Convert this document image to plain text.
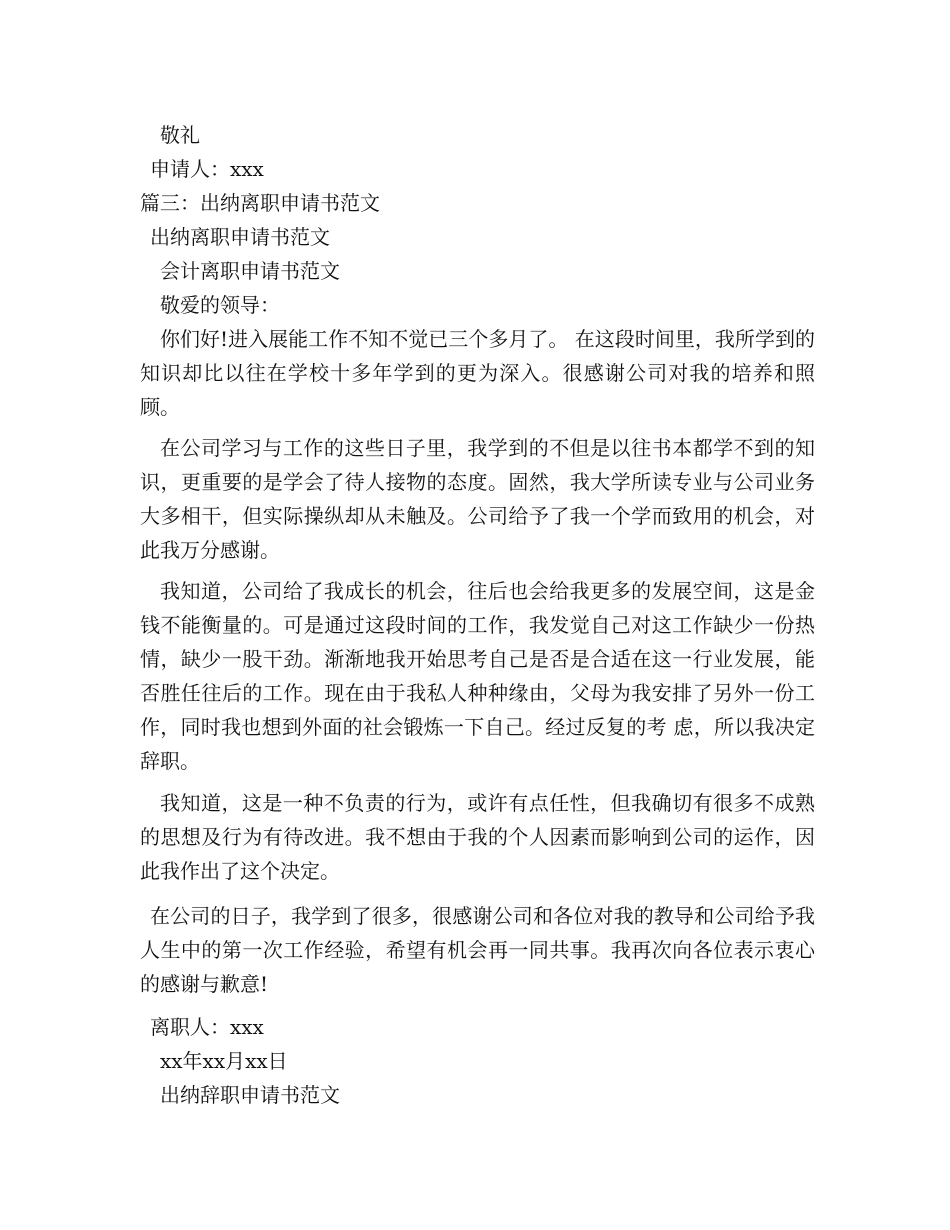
敬礼
申请人：xxx
篇三：出纳离职申请书范文
出纳离职申请书范文
会计离职申请书范文
敬爱的领导：
你们好!进入展能工作不知不觉已三个多月了。 在这段时间里，我所学到的知识却比以往在学校十多年学到的更为深入。很感谢公司对我的培养和照顾。
在公司学习与工作的这些日子里，我学到的不但是以往书本都学不到的知识，更重要的是学会了待人接物的态度。固然，我大学所读专业与公司业务大多相干，但实际操纵却从未触及。公司给予了我一个学而致用的机会，对此我万分感谢。
我知道，公司给了我成长的机会，往后也会给我更多的发展空间，这是金钱不能衡量的。可是通过这段时间的工作，我发觉自己对这工作缺少一份热情，缺少一股干劲。渐渐地我开始思考自己是否是合适在这一行业发展，能否胜任往后的工作。现在由于我私人种种缘由，父母为我安排了另外一份工作，同时我也想到外面的社会锻炼一下自己。经过反复的考 虑，所以我决定辞职。
我知道，这是一种不负责的行为，或许有点任性，但我确切有很多不成熟的思想及行为有待改进。我不想由于我的个人因素而影响到公司的运作，因此我作出了这个决定。
在公司的日子，我学到了很多，很感谢公司和各位对我的教导和公司给予我人生中的第一次工作经验，希望有机会再一同共事。我再次向各位表示衷心的感谢与歉意!
离职人：xxx
xx年xx月xx日
出纳辞职申请书范文
